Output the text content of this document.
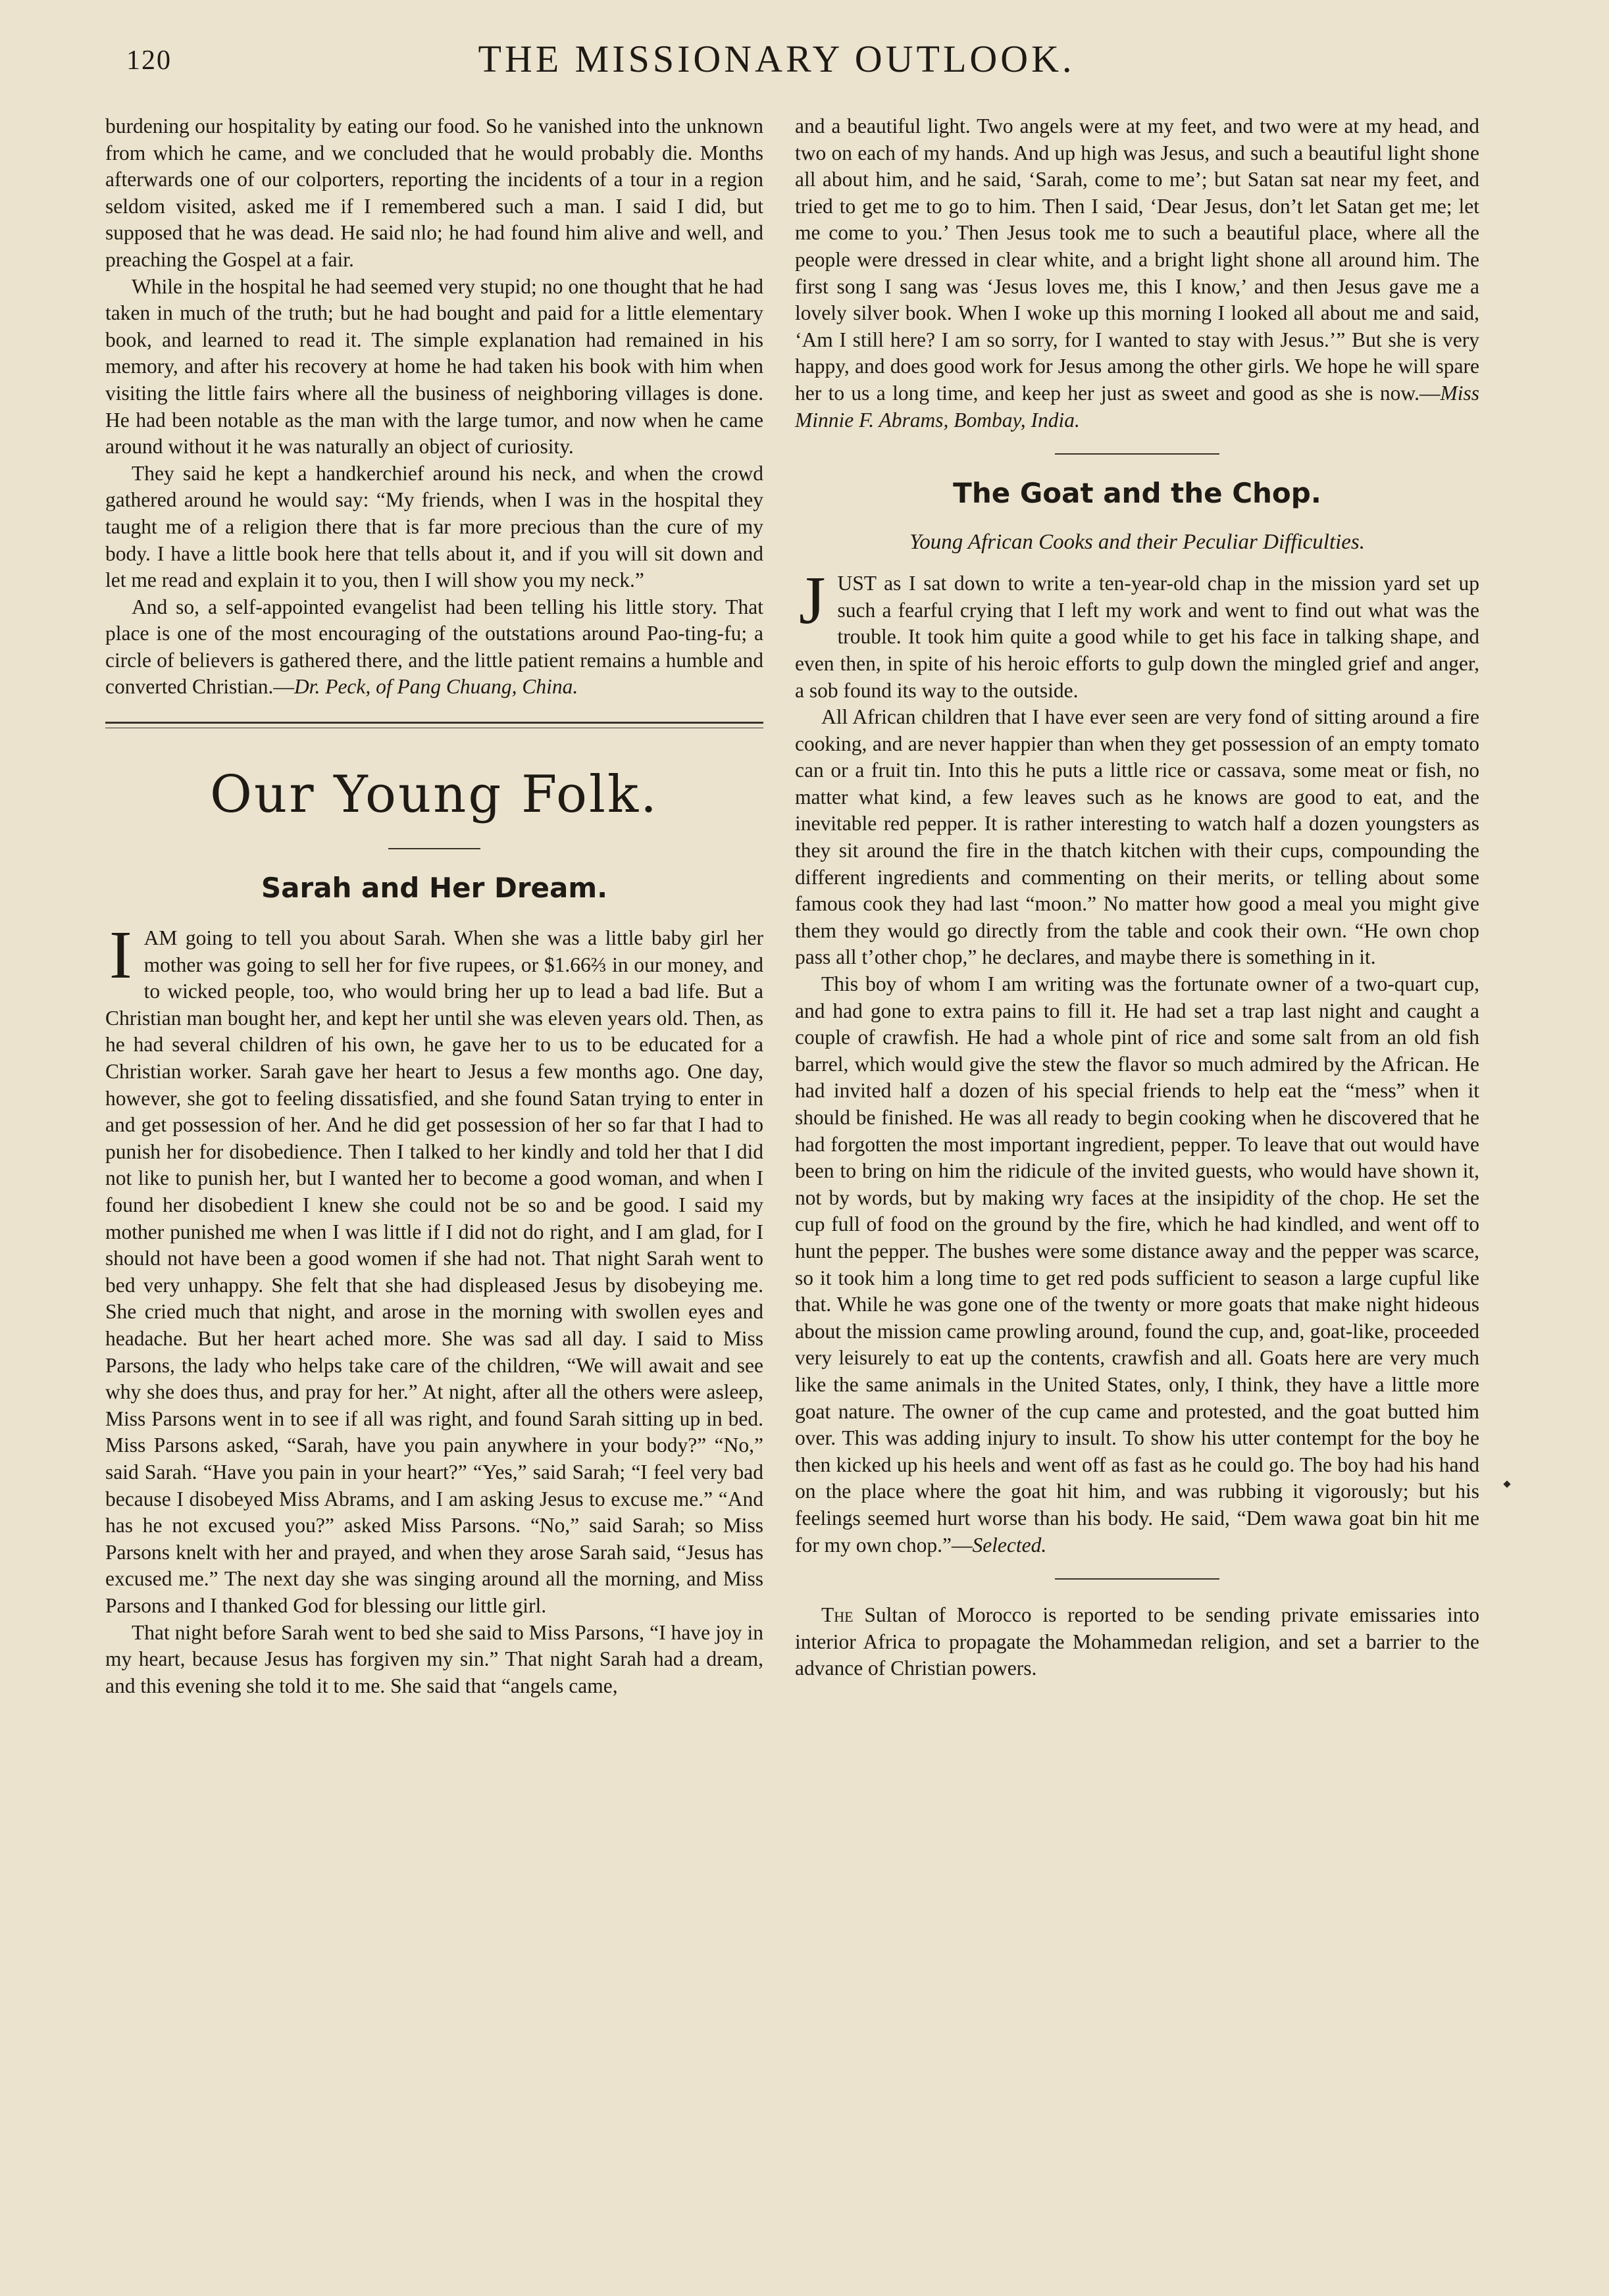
120	THE MISSIONARY OUTLOOK.

burdening our hospitality by eating our food. So he vanished into the unknown from which he came, and we concluded that he would probably die. Months afterwards one of our colporters, reporting the incidents of a tour in a region seldom visited, asked me if I remembered such a man. I said I did, but supposed that he was dead. He said nlo; he had found him alive and well, and preaching the Gospel at a fair.

While in the hospital he had seemed very stupid; no one thought that he had taken in much of the truth; but he had bought and paid for a little elementary book, and learned to read it. The simple explanation had remained in his memory, and after his recovery at home he had taken his book with him when visiting the little fairs where all the business of neighboring villages is done. He had been notable as the man with the large tumor, and now when he came around without it he was naturally an object of curiosity.

They said he kept a handkerchief around his neck, and when the crowd gathered around he would say: “My friends, when I was in the hospital they taught me of a religion there that is far more precious than the cure of my body. I have a little book here that tells about it, and if you will sit down and let me read and explain it to you, then I will show you my neck.”

And so, a self-appointed evangelist had been telling his little story. That place is one of the most encouraging of the outstations around Pao-ting-fu; a circle of believers is gathered there, and the little patient remains a humble and converted Christian.—Dr. Peck, of Pang Chuang, China.

Our Young Folk.
Sarah and Her Dream.

IAM going to tell you about Sarah. When she was a little baby girl her mother was going to sell her for five rupees, or $1.66⅔ in our money, and to wicked people, too, who would bring her up to lead a bad life. But a Christian man bought her, and kept her until she was eleven years old. Then, as he had several children of his own, he gave her to us to be educated for a Christian worker. Sarah gave her heart to Jesus a few months ago. One day, however, she got to feeling dissatisfied, and she found Satan trying to enter in and get possession of her. And he did get possession of her so far that I had to punish her for disobedience. Then I talked to her kindly and told her that I did not like to punish her, but I wanted her to become a good woman, and when I found her disobedient I knew she could not be so and be good. I said my mother punished me when I was little if I did not do right, and I am glad, for I should not have been a good women if she had not. That night Sarah went to bed very unhappy. She felt that she had displeased Jesus by disobeying me. She cried much that night, and arose in the morning with swollen eyes and headache. But her heart ached more. She was sad all day. I said to Miss Parsons, the lady who helps take care of the children, “We will await and see why she does thus, and pray for her.” At night, after all the others were asleep, Miss Parsons went in to see if all was right, and found Sarah sitting up in bed. Miss Parsons asked, “Sarah, have you pain anywhere in your body?” “No,” said Sarah. “Have you pain in your heart?” “Yes,” said Sarah; “I feel very bad because I disobeyed Miss Abrams, and I am asking Jesus to excuse me.” “And has he not excused you?” asked Miss Parsons. “No,” said Sarah; so Miss Parsons knelt with her and prayed, and when they arose Sarah said, “Jesus has excused me.” The next day she was singing around all the morning, and Miss Parsons and I thanked God for blessing our little girl.

That night before Sarah went to bed she said to Miss Parsons, “I have joy in my heart, because Jesus has forgiven my sin.” That night Sarah had a dream, and this evening she told it to me. She said that “angels came,

and a beautiful light. Two angels were at my feet, and two were at my head, and two on each of my hands. And up high was Jesus, and such a beautiful light shone all about him, and he said, ‘Sarah, come to me’; but Satan sat near my feet, and tried to get me to go to him. Then I said, ‘Dear Jesus, don’t let Satan get me; let me come to you.’ Then Jesus took me to such a beautiful place, where all the people were dressed in clear white, and a bright light shone all around him. The first song I sang was ‘Jesus loves me, this I know,’ and then Jesus gave me a lovely silver book. When I woke up this morning I looked all about me and said, ‘Am I still here? I am so sorry, for I wanted to stay with Jesus.’” But she is very happy, and does good work for Jesus among the other girls. We hope he will spare her to us a long time, and keep her just as sweet and good as she is now.—Miss Minnie F. Abrams, Bombay, India.

The Goat and the Chop.
Young African Cooks and their Peculiar Difficulties.

JUST as I sat down to write a ten-year-old chap in the mission yard set up such a fearful crying that I left my work and went to find out what was the trouble. It took him quite a good while to get his face in talking shape, and even then, in spite of his heroic efforts to gulp down the mingled grief and anger, a sob found its way to the outside.

All African children that I have ever seen are very fond of sitting around a fire cooking, and are never happier than when they get possession of an empty tomato can or a fruit tin. Into this he puts a little rice or cassava, some meat or fish, no matter what kind, a few leaves such as he knows are good to eat, and the inevitable red pepper. It is rather interesting to watch half a dozen youngsters as they sit around the fire in the thatch kitchen with their cups, compounding the different ingredients and commenting on their merits, or telling about some famous cook they had last “moon.” No matter how good a meal you might give them they would go directly from the table and cook their own. “He own chop pass all t’other chop,” he declares, and maybe there is something in it.

This boy of whom I am writing was the fortunate owner of a two-quart cup, and had gone to extra pains to fill it. He had set a trap last night and caught a couple of crawfish. He had a whole pint of rice and some salt from an old fish barrel, which would give the stew the flavor so much admired by the African. He had invited half a dozen of his special friends to help eat the “mess” when it should be finished. He was all ready to begin cooking when he discovered that he had forgotten the most important ingredient, pepper. To leave that out would have been to bring on him the ridicule of the invited guests, who would have shown it, not by words, but by making wry faces at the insipidity of the chop. He set the cup full of food on the ground by the fire, which he had kindled, and went off to hunt the pepper. The bushes were some distance away and the pepper was scarce, so it took him a long time to get red pods sufficient to season a large cupful like that. While he was gone one of the twenty or more goats that make night hideous about the mission came prowling around, found the cup, and, goat-like, proceeded very leisurely to eat up the contents, crawfish and all. Goats here are very much like the same animals in the United States, only, I think, they have a little more goat nature. The owner of the cup came and protested, and the goat butted him over. This was adding injury to insult. To show his utter contempt for the boy he then kicked up his heels and went off as fast as he could go. The boy had his hand on the place where the goat hit him, and was rubbing it vigorously; but his feelings seemed hurt worse than his body. He said, “Dem wawa goat bin hit me for my own chop.”—Selected.

The Sultan of Morocco is reported to be sending private emissaries into interior Africa to propagate the Mohammedan religion, and set a barrier to the advance of Christian powers.
